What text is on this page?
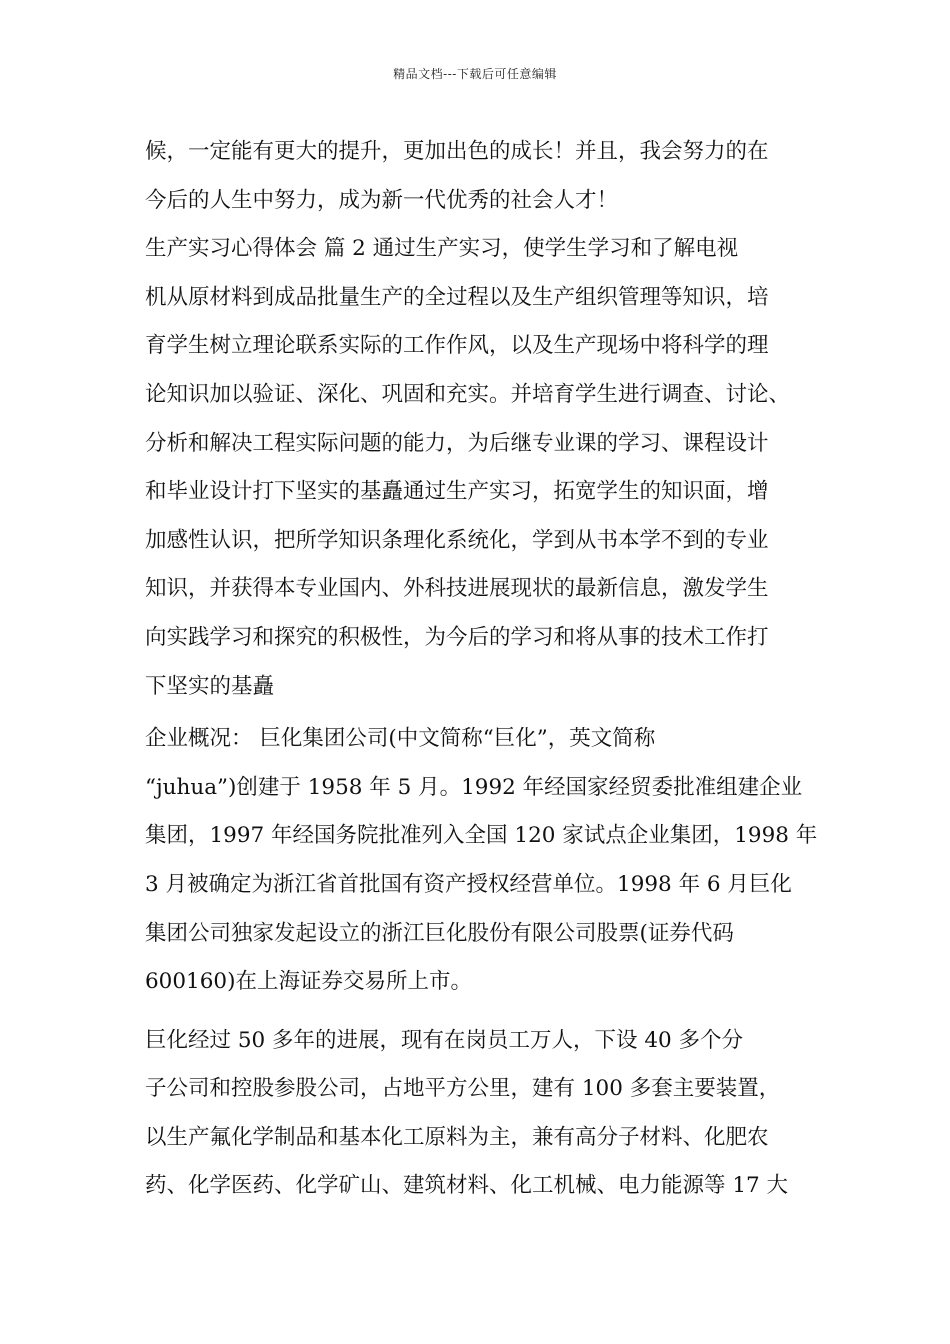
精品文档---下载后可任意编辑
候，一定能有更大的提升，更加出色的成长！并且，我会努力的在
今后的人生中努力，成为新一代优秀的社会人才！
生产实习心得体会 篇 2 通过生产实习，使学生学习和了解电视
机从原材料到成品批量生产的全过程以及生产组织管理等知识，培
育学生树立理论联系实际的工作作风，以及生产现场中将科学的理
论知识加以验证、深化、巩固和充实。并培育学生进行调查、讨论、
分析和解决工程实际问题的能力，为后继专业课的学习、课程设计
和毕业设计打下坚实的基矗通过生产实习，拓宽学生的知识面，增
加感性认识，把所学知识条理化系统化，学到从书本学不到的专业
知识，并获得本专业国内、外科技进展现状的最新信息，激发学生
向实践学习和探究的积极性，为今后的学习和将从事的技术工作打
下坚实的基矗
企业概况： 巨化集团公司(中文简称“巨化”，英文简称
“juhua”)创建于 1958 年 5 月。1992 年经国家经贸委批准组建企业
集团，1997 年经国务院批准列入全国 120 家试点企业集团，1998 年
3 月被确定为浙江省首批国有资产授权经营单位。1998 年 6 月巨化
集团公司独家发起设立的浙江巨化股份有限公司股票(证券代码
600160)在上海证券交易所上市。
巨化经过 50 多年的进展，现有在岗员工万人，下设 40 多个分
子公司和控股参股公司，占地平方公里，建有 100 多套主要装置，
以生产氟化学制品和基本化工原料为主，兼有高分子材料、化肥农
药、化学医药、化学矿山、建筑材料、化工机械、电力能源等 17 大
